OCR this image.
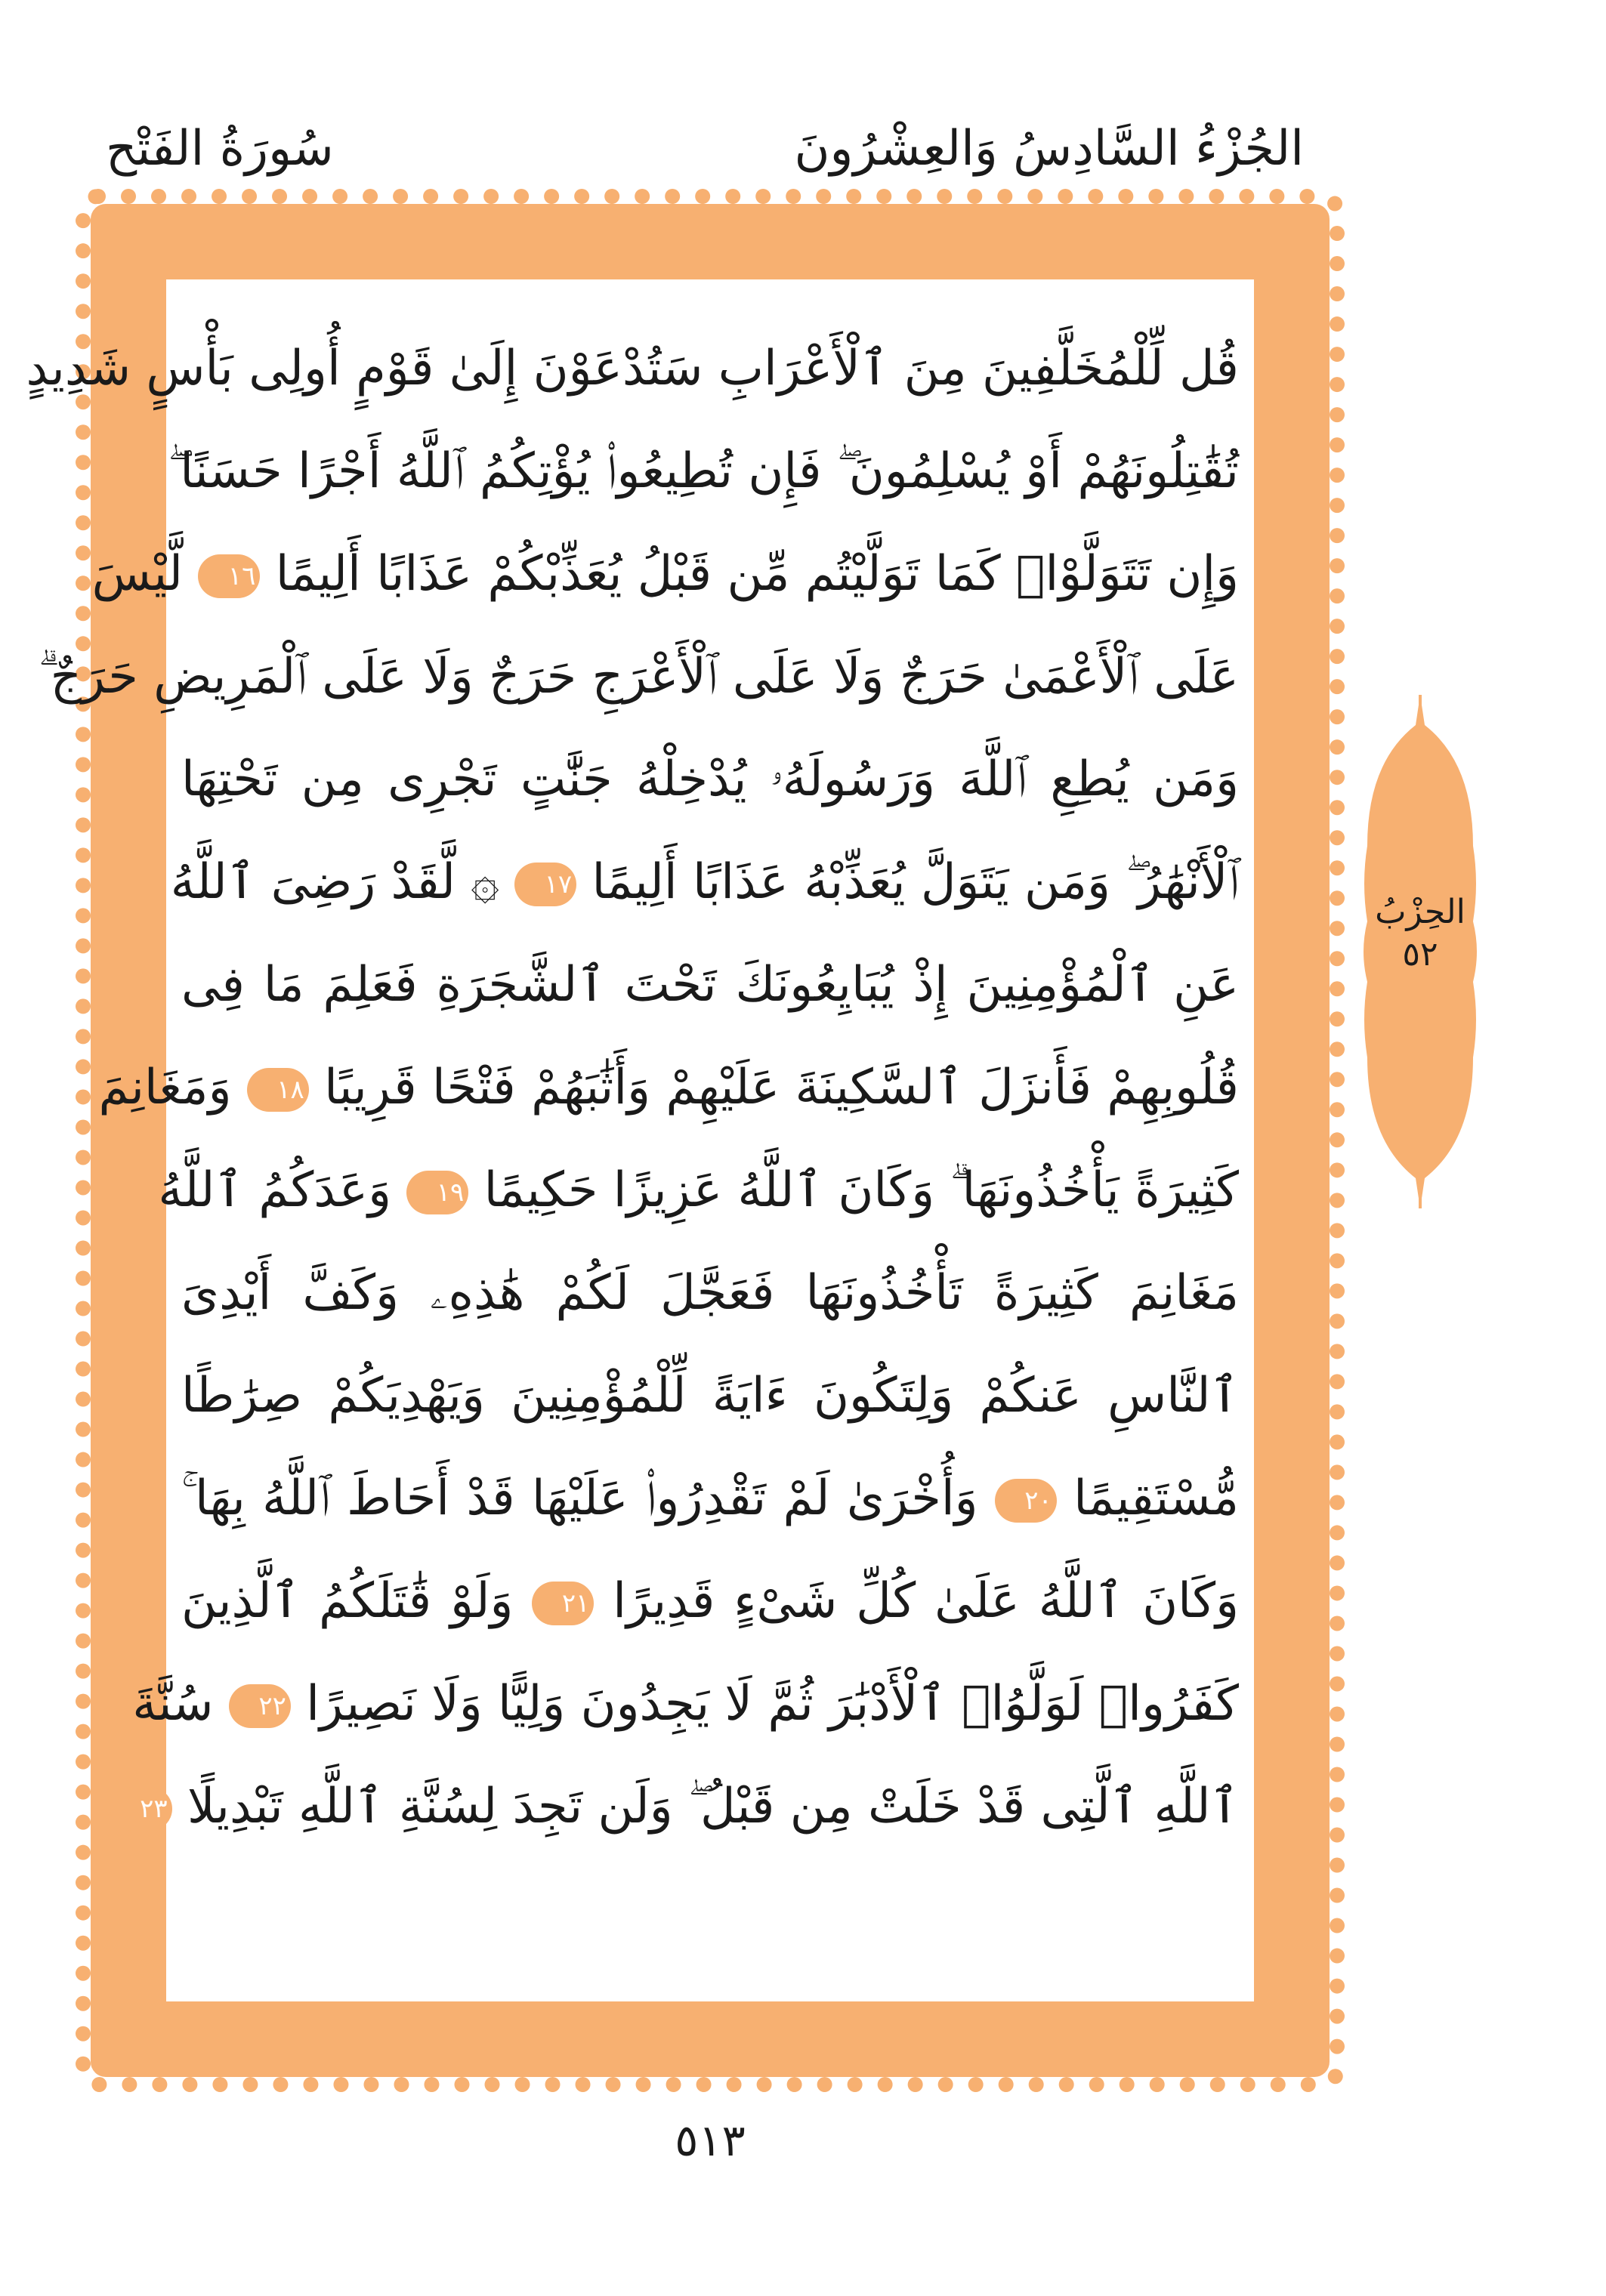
الجُزْءُ السَّادِسُ وَالعِشْرُونَ
سُورَةُ الفَتْح
قُل لِّلْمُخَلَّفِينَ مِنَ ٱلْأَعْرَابِ سَتُدْعَوْنَ إِلَىٰ قَوْمٍ أُولِى بَأْسٍ شَدِيدٍ
تُقَٰتِلُونَهُمْ أَوْ يُسْلِمُونَ ۖ فَإِن تُطِيعُوا۟ يُؤْتِكُمُ ٱللَّهُ أَجْرًا حَسَنًا ۖ
وَإِن تَتَوَلَّوْا۟ كَمَا تَوَلَّيْتُم مِّن قَبْلُ يُعَذِّبْكُمْ عَذَابًا أَلِيمًا ١٦ لَّيْسَ
عَلَى ٱلْأَعْمَىٰ حَرَجٌ وَلَا عَلَى ٱلْأَعْرَجِ حَرَجٌ وَلَا عَلَى ٱلْمَرِيضِ حَرَجٌ ۗ
وَمَن يُطِعِ ٱللَّهَ وَرَسُولَهُۥ يُدْخِلْهُ جَنَّٰتٍ تَجْرِى مِن تَحْتِهَا
ٱلْأَنْهَٰرُ ۖ وَمَن يَتَوَلَّ يُعَذِّبْهُ عَذَابًا أَلِيمًا ١٧ ۞ لَّقَدْ رَضِىَ ٱللَّهُ
عَنِ ٱلْمُؤْمِنِينَ إِذْ يُبَايِعُونَكَ تَحْتَ ٱلشَّجَرَةِ فَعَلِمَ مَا فِى
قُلُوبِهِمْ فَأَنزَلَ ٱلسَّكِينَةَ عَلَيْهِمْ وَأَثَٰبَهُمْ فَتْحًا قَرِيبًا ١٨ وَمَغَانِمَ
كَثِيرَةً يَأْخُذُونَهَا ۗ وَكَانَ ٱللَّهُ عَزِيزًا حَكِيمًا ١٩ وَعَدَكُمُ ٱللَّهُ
مَغَانِمَ كَثِيرَةً تَأْخُذُونَهَا فَعَجَّلَ لَكُمْ هَٰذِهِۦ وَكَفَّ أَيْدِىَ
ٱلنَّاسِ عَنكُمْ وَلِتَكُونَ ءَايَةً لِّلْمُؤْمِنِينَ وَيَهْدِيَكُمْ صِرَٰطًا
مُّسْتَقِيمًا ٢٠ وَأُخْرَىٰ لَمْ تَقْدِرُوا۟ عَلَيْهَا قَدْ أَحَاطَ ٱللَّهُ بِهَا ۚ
وَكَانَ ٱللَّهُ عَلَىٰ كُلِّ شَىْءٍ قَدِيرًا ٢١ وَلَوْ قَٰتَلَكُمُ ٱلَّذِينَ
كَفَرُوا۟ لَوَلَّوُا۟ ٱلْأَدْبَٰرَ ثُمَّ لَا يَجِدُونَ وَلِيًّا وَلَا نَصِيرًا ٢٢ سُنَّةَ
ٱللَّهِ ٱلَّتِى قَدْ خَلَتْ مِن قَبْلُ ۖ وَلَن تَجِدَ لِسُنَّةِ ٱللَّهِ تَبْدِيلًا ٢٣
الحِزْبُ
٥٢
٥١٣
